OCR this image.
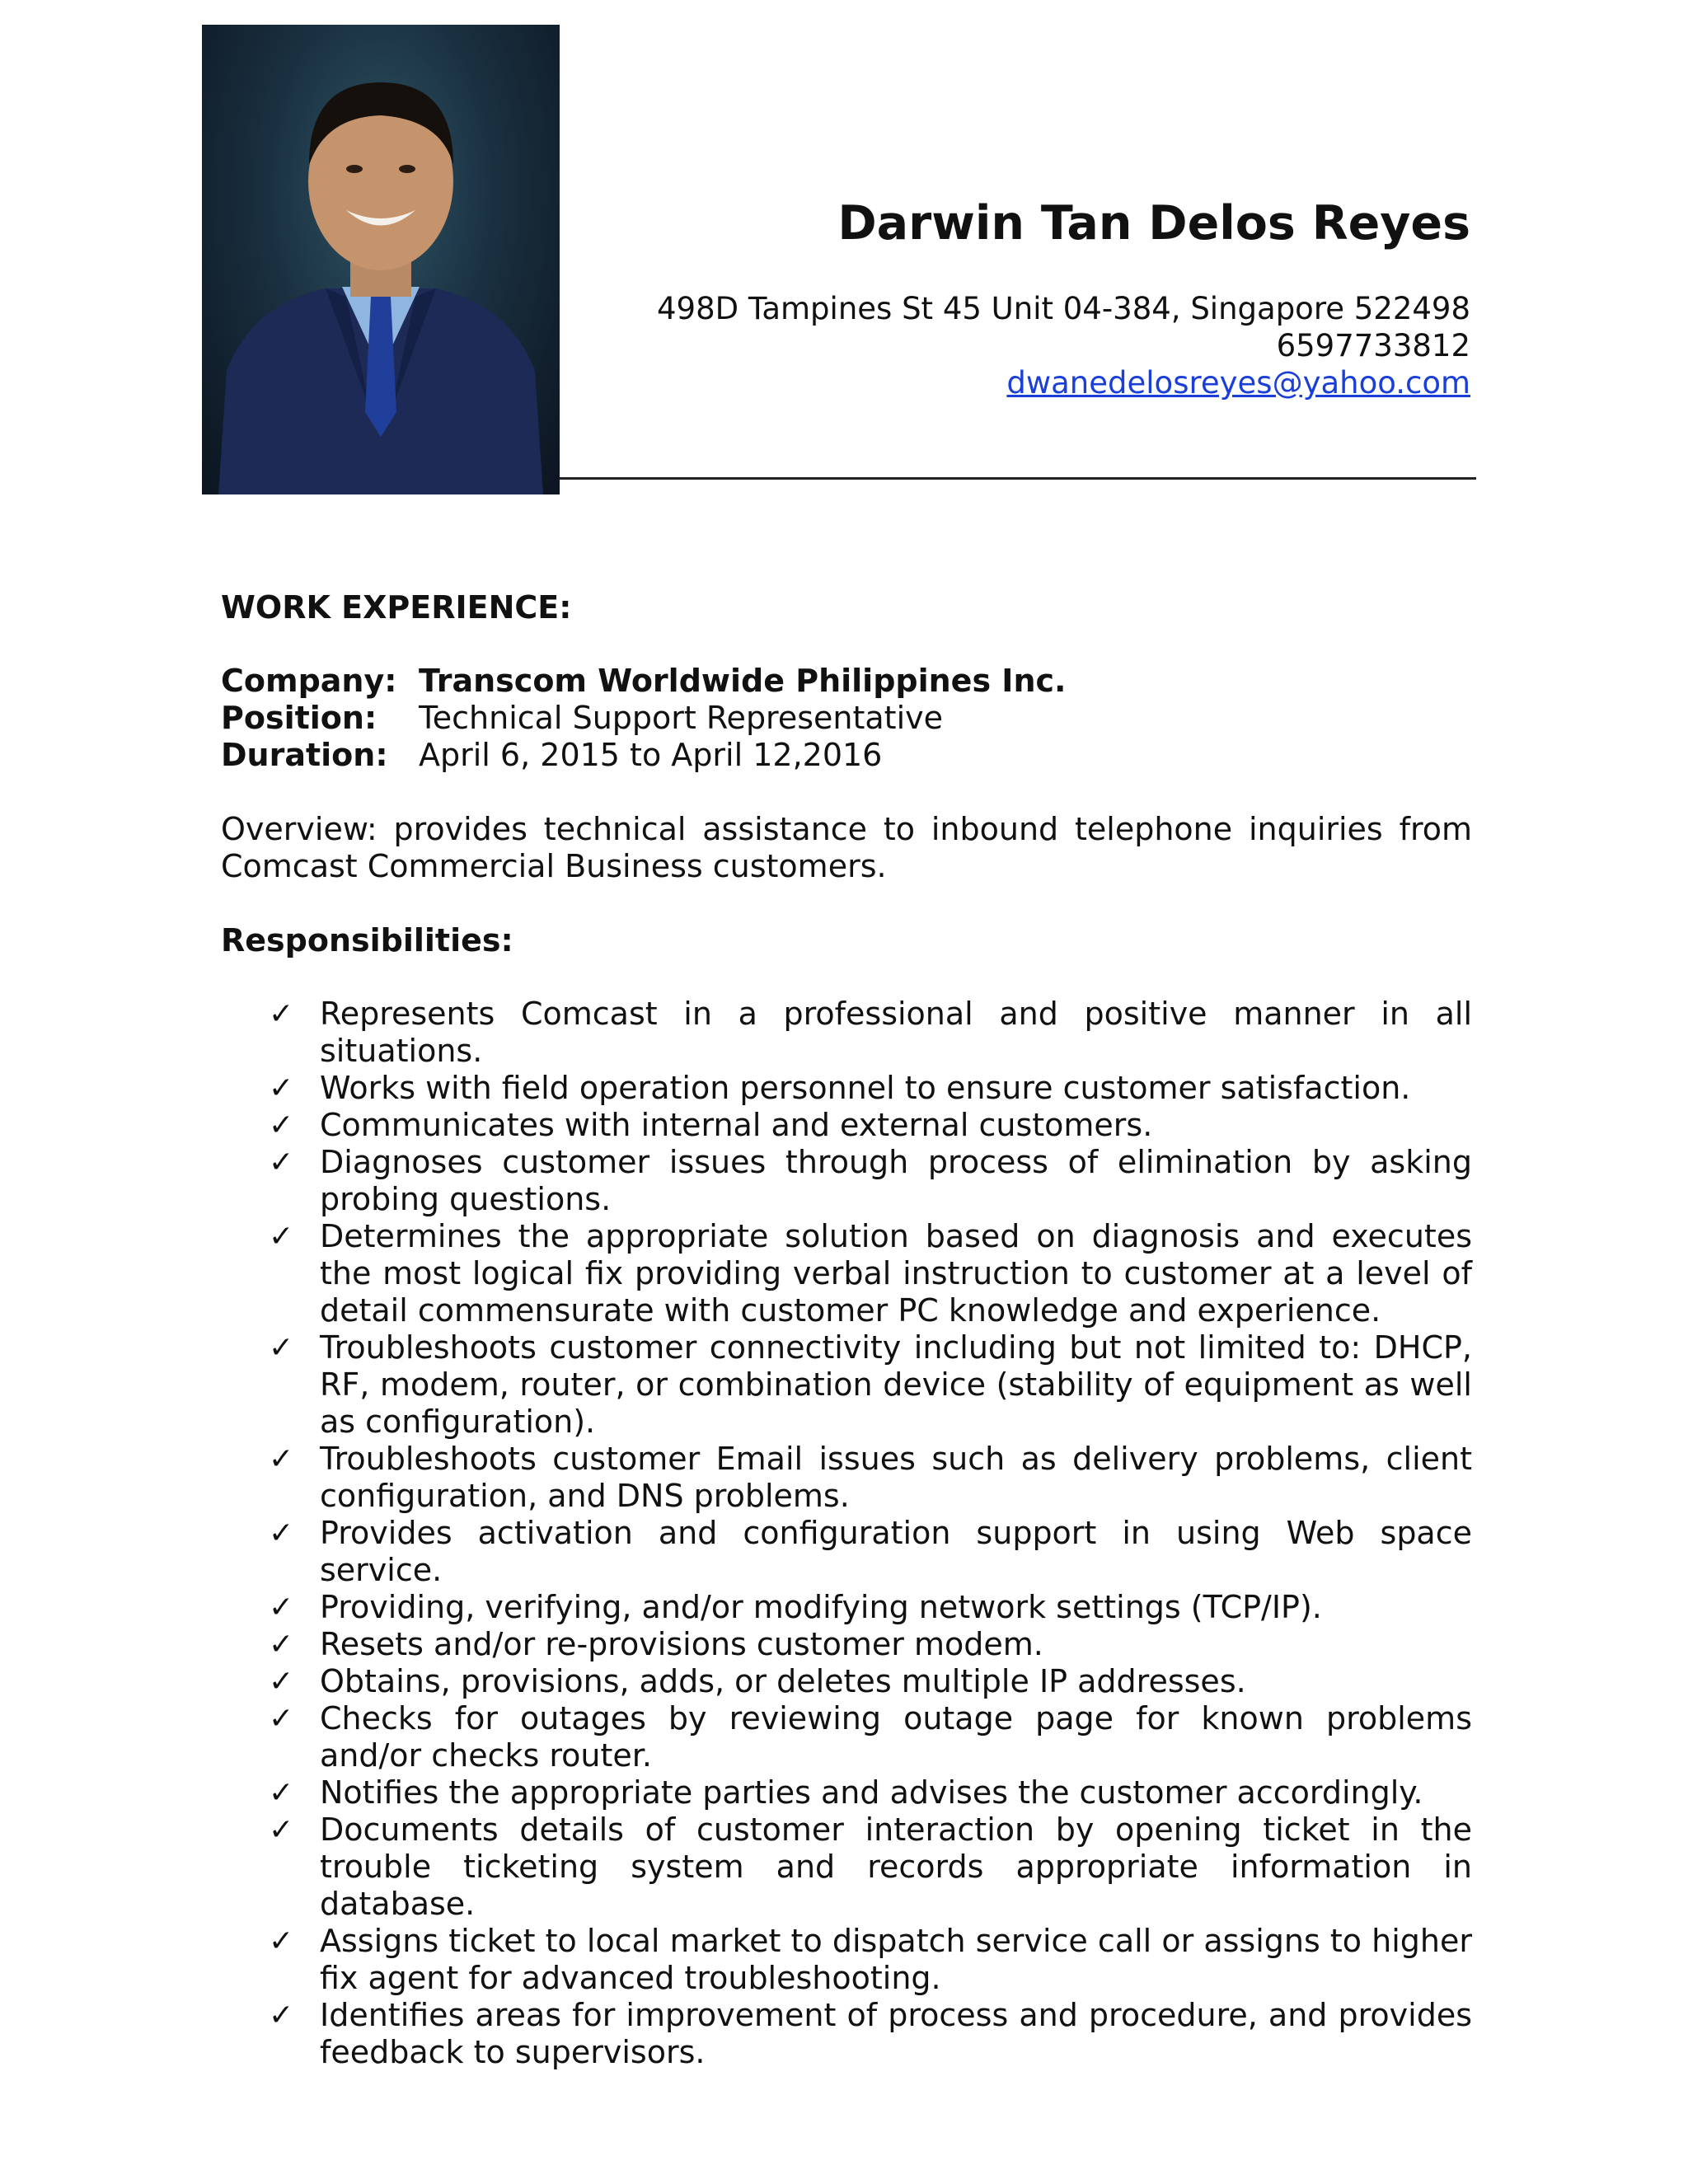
Darwin Tan Delos Reyes
498D Tampines St 45 Unit 04-384, Singapore 522498
6597733812
dwanedelosreyes@yahoo.com
WORK EXPERIENCE:
Company: Transcom Worldwide Philippines Inc.
Position:	Technical Support Representative
Duration: April 6, 2015 to April 12,2016

Overview: provides technical assistance to inbound telephone inquiries from Comcast Commercial Business customers.

Responsibilities:
✓ Represents Comcast in a professional and positive manner in all situations.
✓ Works with field operation personnel to ensure customer satisfaction.
✓ Communicates with internal and external customers.
✓ Diagnoses customer issues through process of elimination by asking probing questions.
✓ Determines the appropriate solution based on diagnosis and executes the most logical fix providing verbal instruction to customer at a level of detail commensurate with customer PC knowledge and experience.
✓ Troubleshoots customer connectivity including but not limited to: DHCP, RF, modem, router, or combination device (stability of equipment as well as configuration).
✓ Troubleshoots customer Email issues such as delivery problems, client configuration, and DNS problems.
✓ Provides activation and configuration support in using Web space service.
✓ Providing, verifying, and/or modifying network settings (TCP/IP).
✓ Resets and/or re-provisions customer modem.
✓ Obtains, provisions, adds, or deletes multiple IP addresses.
✓ Checks for outages by reviewing outage page for known problems and/or checks router.
✓ Notifies the appropriate parties and advises the customer accordingly.
✓ Documents details of customer interaction by opening ticket in the trouble ticketing system and records appropriate information in database.
✓ Assigns ticket to local market to dispatch service call or assigns to higher fix agent for advanced troubleshooting.
✓ Identifies areas for improvement of process and procedure, and provides feedback to supervisors.
